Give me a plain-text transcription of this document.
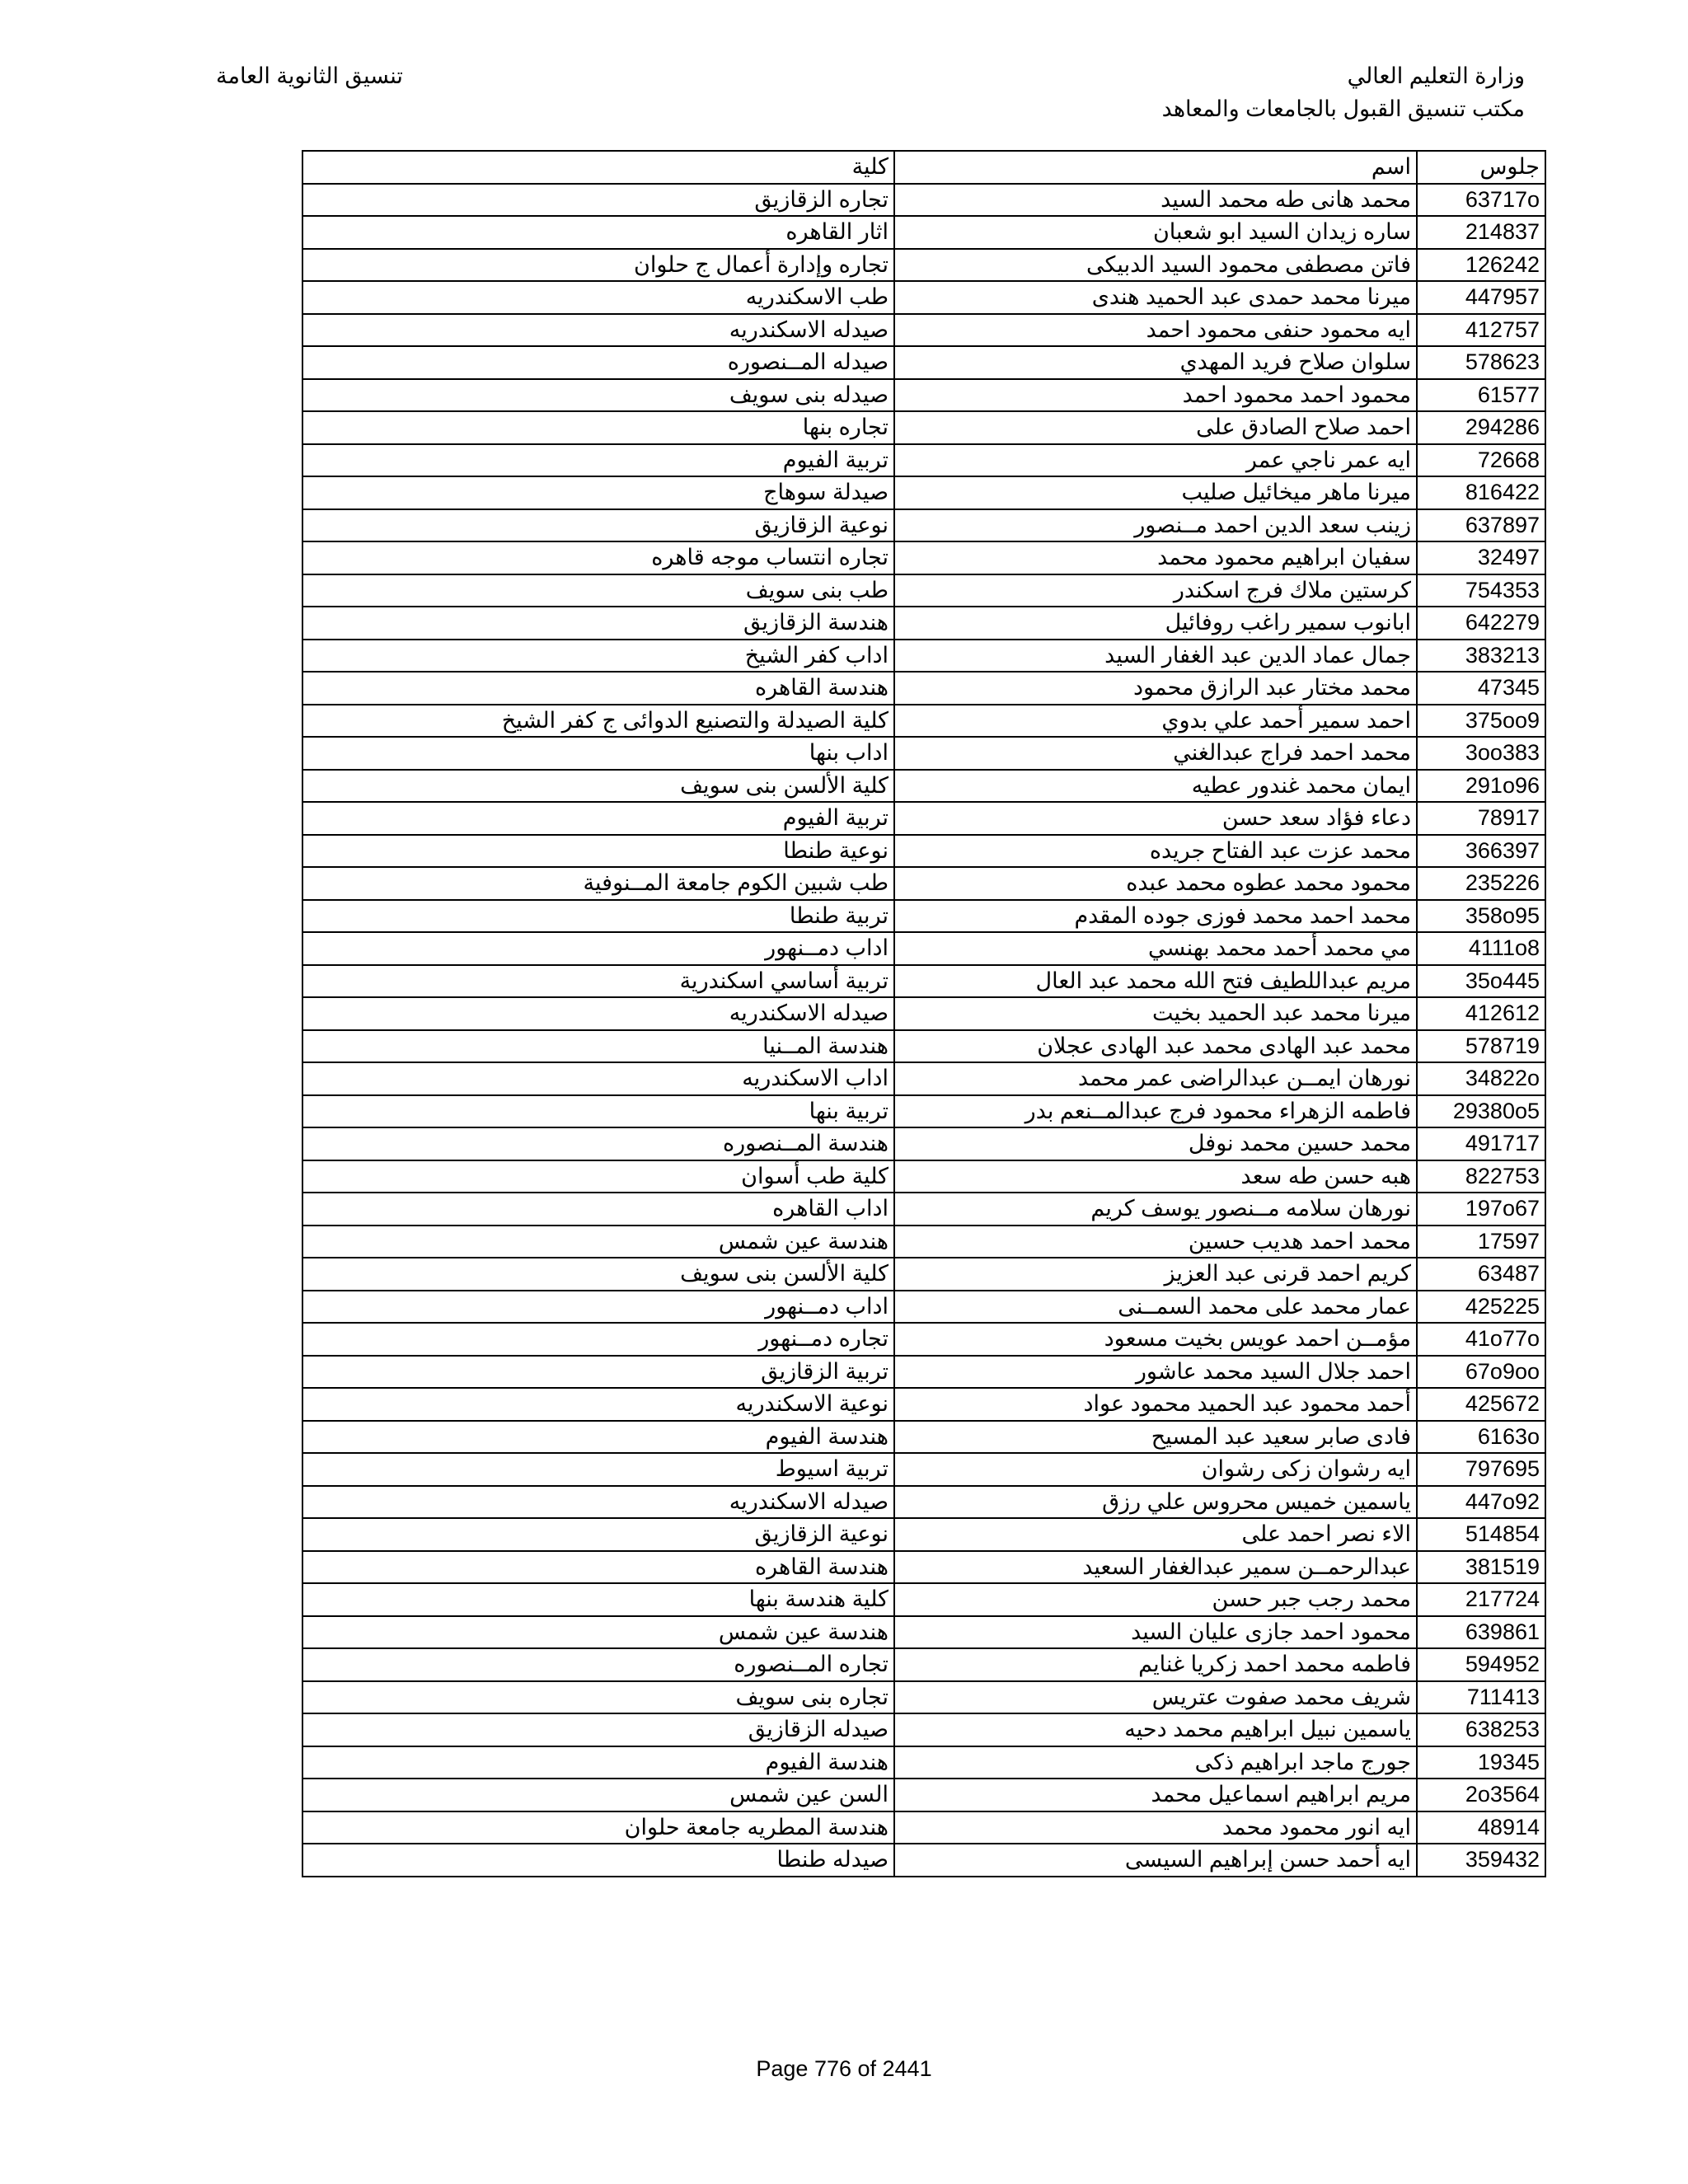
وزارة التعليم العالي
مكتب تنسيق القبول بالجامعات والمعاهد
تنسيق الثانوية العامة
كلية	اسم	جلوس
تجاره الزقازيق	محمد هانى طه محمد السيد	63717o
اثار القاهره	ساره زيدان السيد ابو شعبان	214837
تجاره وإدارة أعمال ج حلوان	فاتن مصطفى محمود السيد الدبيكى	126242
طب الاسكندريه	ميرنا محمد حمدى عبد الحميد هندى	447957
صيدله الاسكندريه	ايه محمود حنفى محمود احمد	412757
صيدله المــنصوره	سلوان صلاح فريد المهدي	578623
صيدله بنى سويف	محمود احمد محمود احمد	61577
تجاره بنها	احمد صلاح الصادق على	294286
تربية الفيوم	ايه عمر ناجي عمر	72668
صيدلة سوهاج	ميرنا ماهر ميخائيل صليب	816422
نوعية الزقازيق	زينب سعد الدين احمد مــنصور	637897
تجاره انتساب موجه قاهره	سفيان ابراهيم محمود محمد	32497
طب بنى سويف	كرستين ملاك فرج اسكندر	754353
هندسة الزقازيق	ابانوب سمير راغب روفائيل	642279
اداب كفر الشيخ	جمال عماد الدين عبد الغفار السيد	383213
هندسة القاهره	محمد مختار عبد الرازق محمود	47345
كلية الصيدلة والتصنيع الدوائى ج كفر الشيخ	احمد سمير أحمد علي بدوي	375oo9
اداب بنها	محمد احمد فراج عبدالغني	3oo383
كلية الألسن بنى سويف	ايمان محمد غندور عطيه	291o96
تربية الفيوم	دعاء فؤاد سعد حسن	78917
نوعية طنطا	محمد عزت عبد الفتاح جريده	366397
طب شبين الكوم جامعة المــنوفية	محمود محمد عطوه محمد عبده	235226
تربية طنطا	محمد احمد محمد فوزى جوده المقدم	358o95
اداب دمــنهور	مي محمد أحمد محمد بهنسي	4111o8
تربية أساسي اسكندرية	مريم عبداللطيف فتح الله محمد عبد العال	35o445
صيدله الاسكندريه	ميرنا محمد عبد الحميد بخيت	412612
هندسة المــنيا	محمد عبد الهادى محمد عبد الهادى عجلان	578719
اداب الاسكندريه	نورهان ايمــن عبدالراضى عمر محمد	34822o
تربية بنها	فاطمه الزهراء محمود فرج عبدالمــنعم بدر	29380o5
هندسة المــنصوره	محمد حسين محمد نوفل	491717
كلية طب أسوان	هبه حسن طه سعد	822753
اداب القاهره	نورهان سلامه مــنصور يوسف كريم	197o67
هندسة عين شمس	محمد احمد هديب حسين	17597
كلية الألسن بنى سويف	كريم احمد قرنى عبد العزيز	63487
اداب دمــنهور	عمار محمد على محمد السمــنى	425225
تجاره دمــنهور	مؤمــن احمد عويس بخيت مسعود	41o77o
تربية الزقازيق	احمد جلال السيد محمد عاشور	67o9oo
نوعية الاسكندريه	أحمد محمود عبد الحميد محمود عواد	425672
هندسة الفيوم	فادى صابر سعيد عبد المسيح	6163o
تربية اسيوط	ايه رشوان زكى رشوان	797695
صيدله الاسكندريه	ياسمين خميس محروس علي رزق	447o92
نوعية الزقازيق	الاء نصر احمد على	514854
هندسة القاهره	عبدالرحمــن سمير عبدالغفار السعيد	381519
كلية هندسة بنها	محمد رجب جبر حسن	217724
هندسة عين شمس	محمود احمد جازى عليان السيد	639861
تجاره المــنصوره	فاطمه محمد احمد زكريا غنايم	594952
تجاره بنى سويف	شريف محمد صفوت عتريس	711413
صيدله الزقازيق	ياسمين نبيل ابراهيم محمد دحيه	638253
هندسة الفيوم	جورج ماجد ابراهيم ذكى	19345
السن عين شمس	مريم ابراهيم اسماعيل محمد	2o3564
هندسة المطريه جامعة حلوان	ايه انور محمود محمد	48914
صيدله طنطا	ايه أحمد حسن إبراهيم السيسى	359432
Page 776 of 2441
